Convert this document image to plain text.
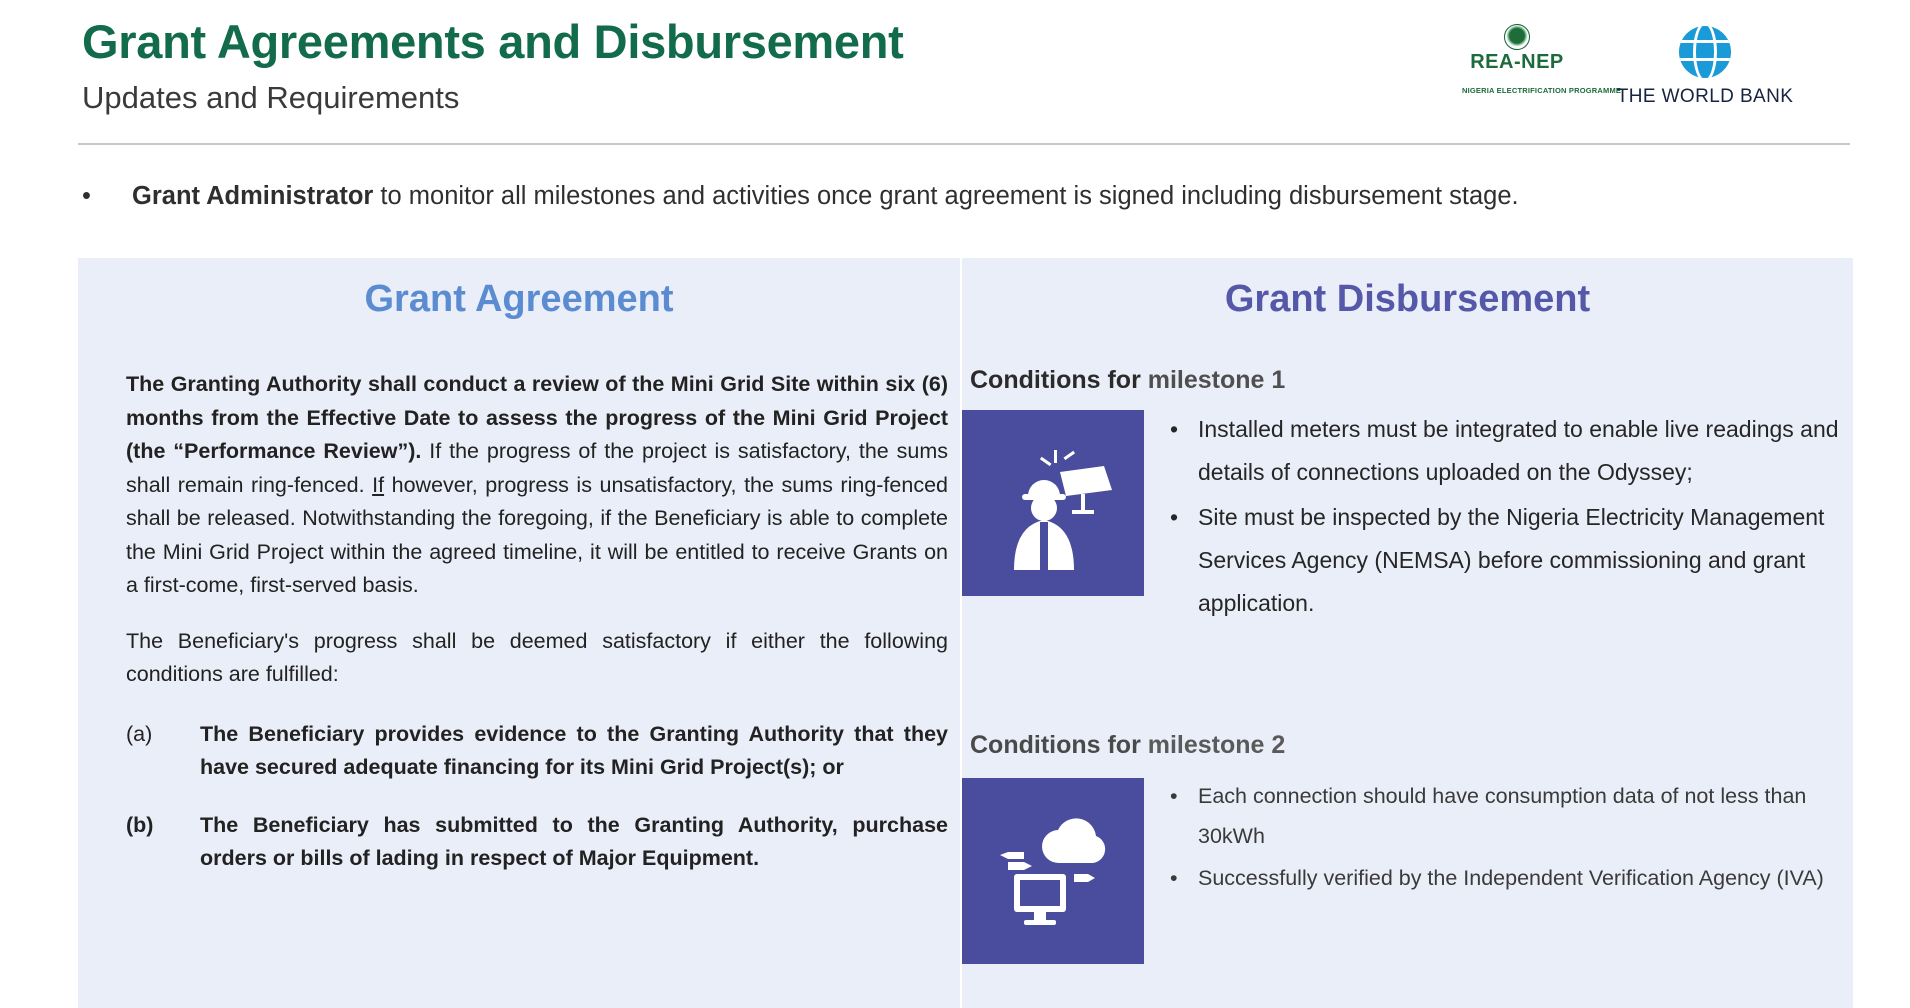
Grant Agreements and Disbursement
Updates and Requirements
REA-NEP
NIGERIA ELECTRIFICATION PROGRAMME
THE WORLD BANK
• Grant Administrator to monitor all milestones and activities once grant agreement is signed including disbursement stage.
Grant Agreement

The Granting Authority shall conduct a review of the Mini Grid Site within six (6) months from the Effective Date to assess the progress of the Mini Grid Project (the “Performance Review”). If the progress of the project is satisfactory, the sums shall remain ring-fenced. If however, progress is unsatisfactory, the sums ring-fenced shall be released. Notwithstanding the foregoing, if the Beneficiary is able to complete the Mini Grid Project within the agreed timeline, it will be entitled to receive Grants on a first-come, first-served basis.

The Beneficiary's progress shall be deemed satisfactory if either the following conditions are fulfilled:

(a)	The Beneficiary provides evidence to the Granting Authority that they have secured adequate financing for its Mini Grid Project(s); or
(b)	The Beneficiary has submitted to the Granting Authority, purchase orders or bills of lading in respect of Major Equipment.
Grant Disbursement
Conditions for milestone 1
• Installed meters must be integrated to enable live readings and details of connections uploaded on the Odyssey;
• Site must be inspected by the Nigeria Electricity Management Services Agency (NEMSA) before commissioning and grant application.
Conditions for milestone 2
• Each connection should have consumption data of not less than 30kWh
• Successfully verified by the Independent Verification Agency (IVA)
